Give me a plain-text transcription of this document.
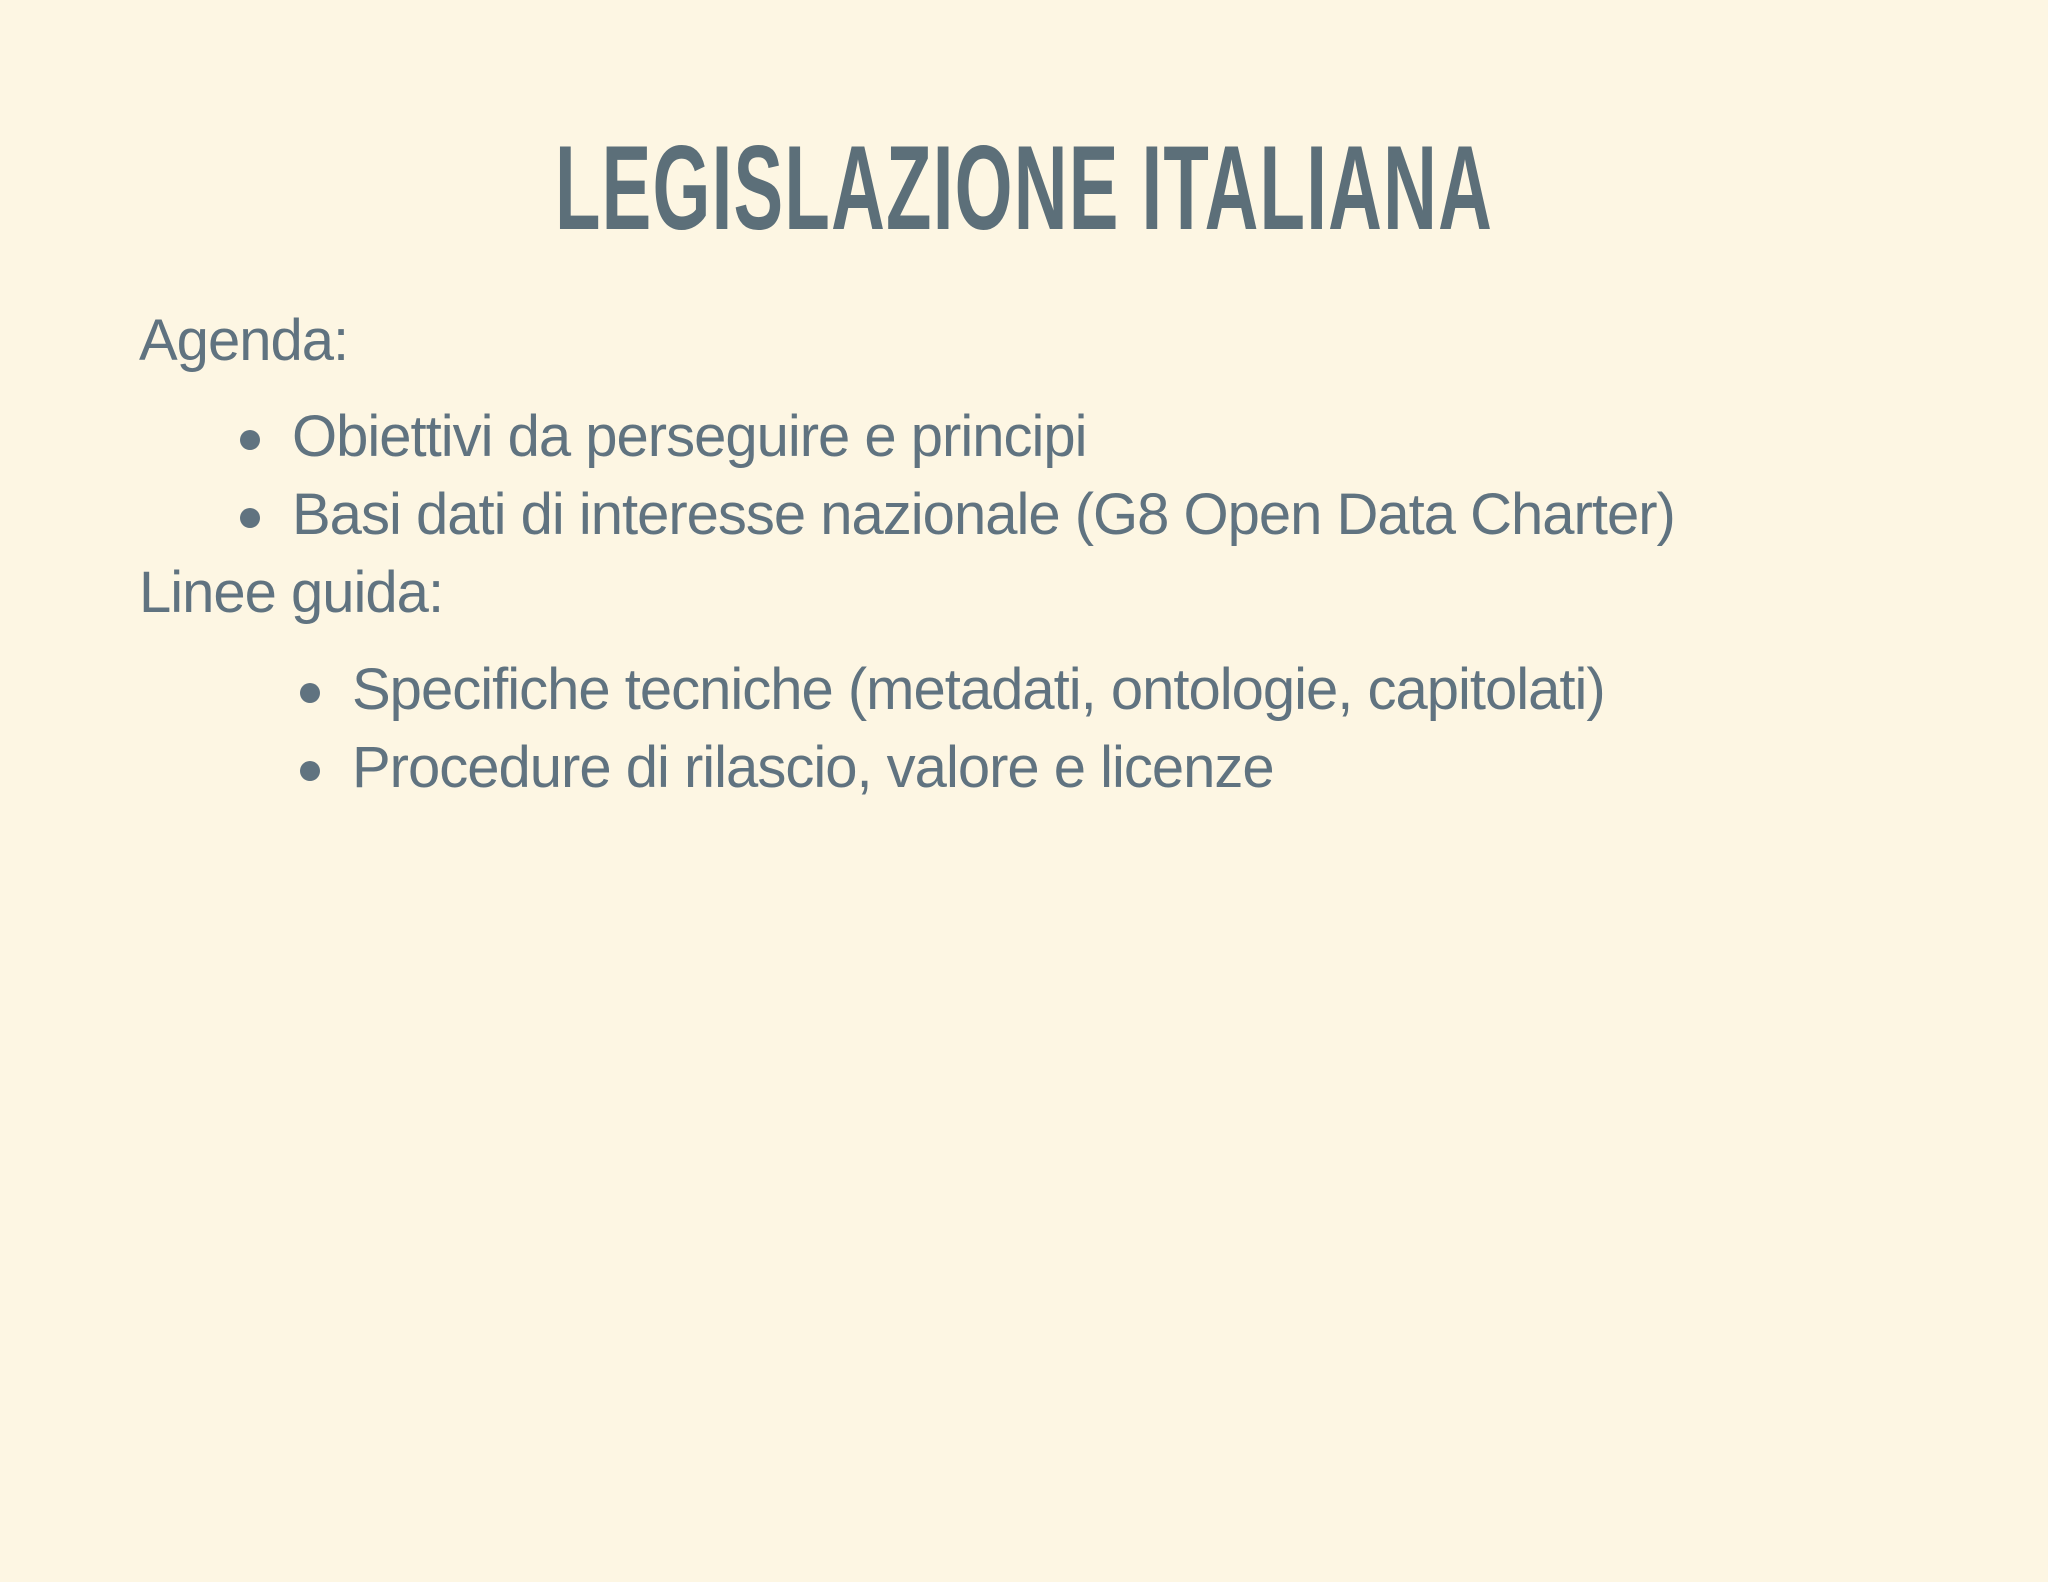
LEGISLAZIONE ITALIANA

Agenda:

Obiettivi da perseguire e principi
Basi dati di interesse nazionale (G8 Open Data Charter)

Linee guida:

Specifiche tecniche (metadati, ontologie, capitolati)
Procedure di rilascio, valore e licenze
